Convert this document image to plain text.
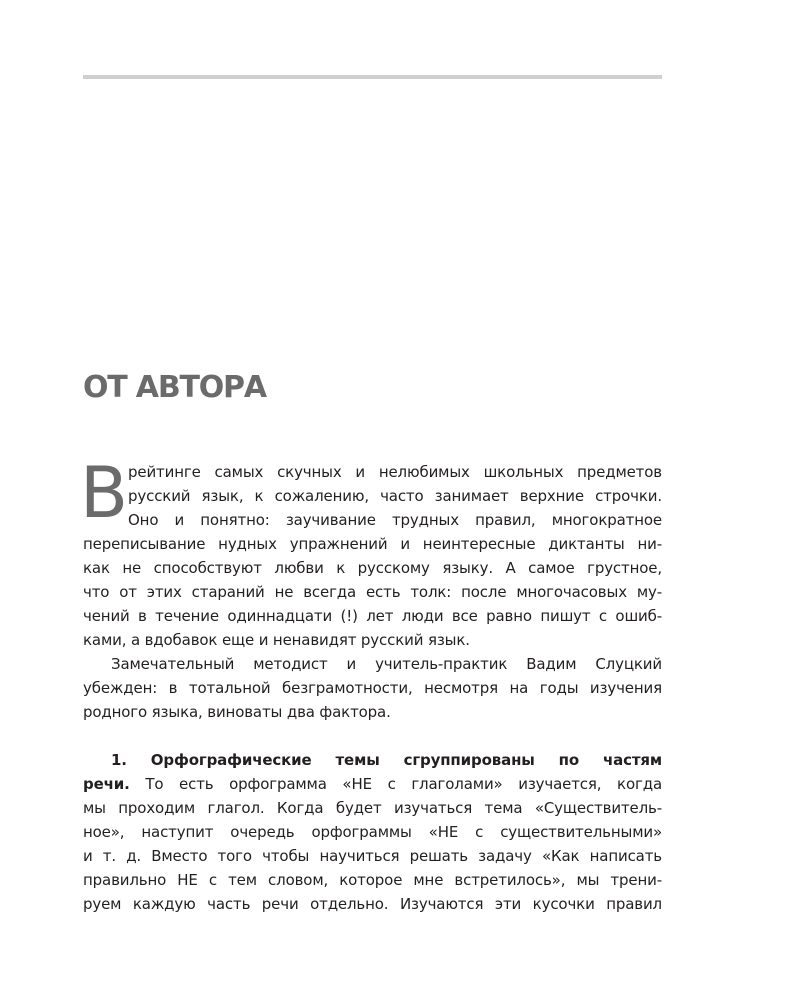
ОТ АВТОРА
В рейтинге самых скучных и нелюбимых школьных предметов
русский язык, к сожалению, часто занимает верхние строчки.
Оно и понятно: заучивание трудных правил, многократное
переписывание нудных упражнений и неинтересные диктанты ни-
как не способствуют любви к русскому языку. А самое грустное,
что от этих стараний не всегда есть толк: после многочасовых му-
чений в течение одиннадцати (!) лет люди все равно пишут с ошиб-
ками, а вдобавок еще и ненавидят русский язык.
Замечательный методист и учитель-практик Вадим Слуцкий
убежден: в тотальной безграмотности, несмотря на годы изучения
родного языка, виноваты два фактора.
1. Орфографические темы сгруппированы по частям
речи. То есть орфограмма «НЕ с глаголами» изучается, когда
мы проходим глагол. Когда будет изучаться тема «Существитель-
ное», наступит очередь орфограммы «НЕ с существительными»
и т. д. Вместо того чтобы научиться решать задачу «Как написать
правильно НЕ с тем словом, которое мне встретилось», мы трени-
руем каждую часть речи отдельно. Изучаются эти кусочки правил
